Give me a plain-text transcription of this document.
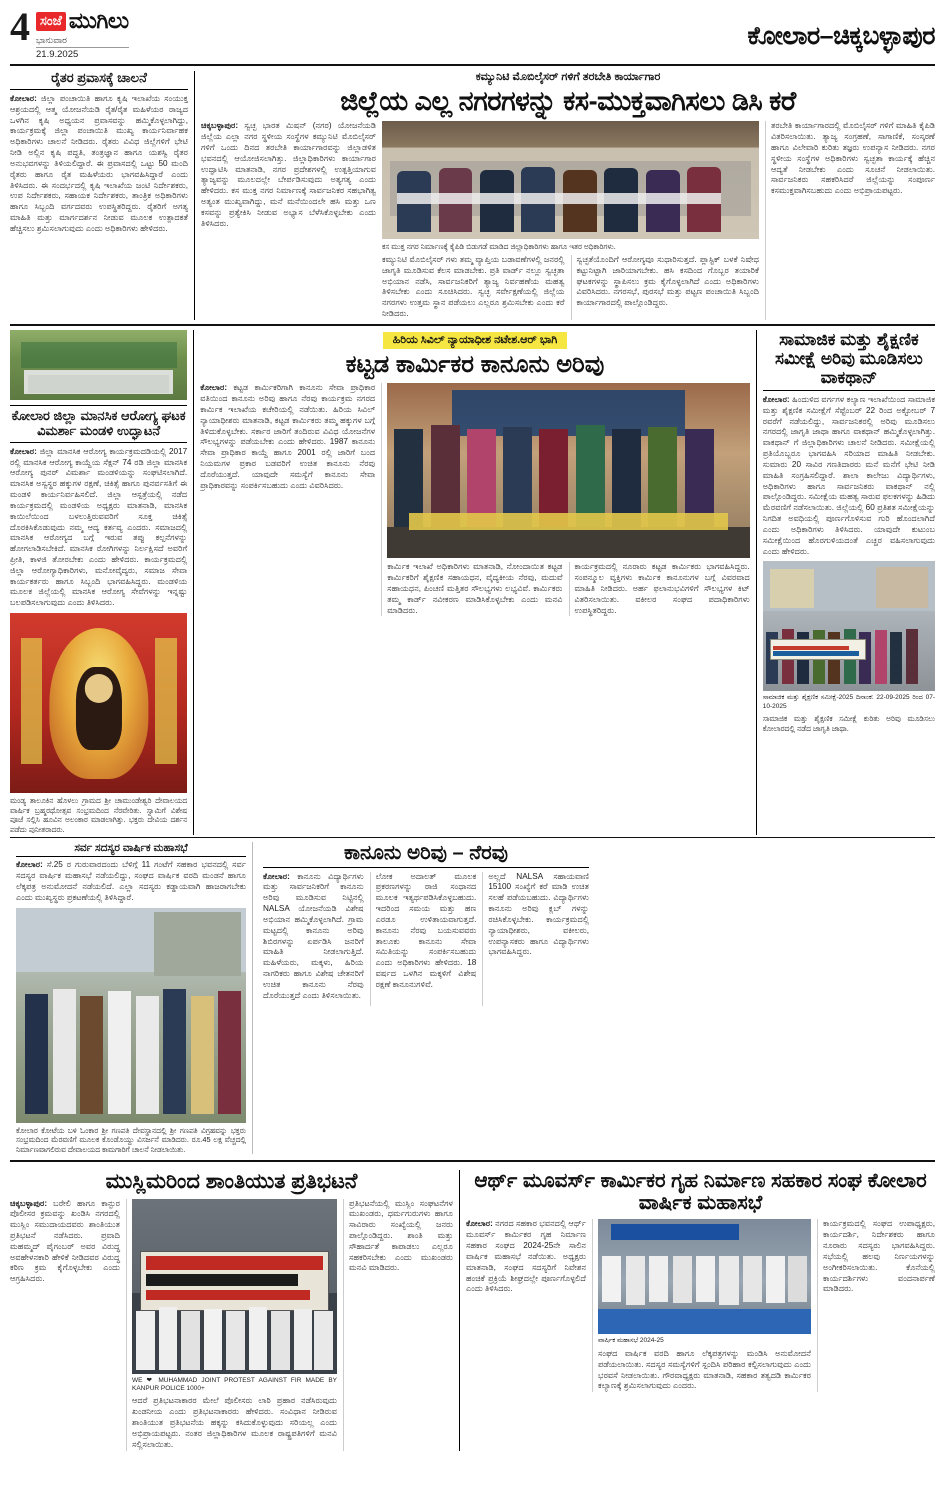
4 ಸಂಜೆ ಮುಗಿಲು
ಭಾನುವಾರ
21.9.2025
ಕೋಲಾರ–ಚಿಕ್ಕಬಳ್ಳಾಪುರ
ರೈತರ ಪ್ರವಾಸಕ್ಕೆ ಚಾಲನೆ

ಕೋಲಾರ: ಜಿಲ್ಲಾ ಪಂಚಾಯಿತಿ ಹಾಗೂ ಕೃಷಿ ಇಲಾಖೆಯ ಸಂಯುಕ್ತ ಆಶ್ರಯದಲ್ಲಿ ಆತ್ಮ ಯೋಜನೆಯಡಿ ರೈತ/ರೈತ ಮಹಿಳೆಯರ ರಾಜ್ಯದ ಒಳಗಿನ ಕೃಷಿ ಅಧ್ಯಯನ ಪ್ರವಾಸವನ್ನು ಹಮ್ಮಿಕೊಳ್ಳಲಾಗಿದ್ದು, ಕಾರ್ಯಕ್ರಮಕ್ಕೆ ಜಿಲ್ಲಾ ಪಂಚಾಯಿತಿ ಮುಖ್ಯ ಕಾರ್ಯನಿರ್ವಾಹಕ ಅಧಿಕಾರಿಗಳು ಚಾಲನೆ ನೀಡಿದರು. ರೈತರು ವಿವಿಧ ಜಿಲ್ಲೆಗಳಿಗೆ ಭೇಟಿ ನೀಡಿ ಅಲ್ಲಿನ ಕೃಷಿ ಪದ್ಧತಿ, ತಂತ್ರಜ್ಞಾನ ಹಾಗೂ ಯಶಸ್ವಿ ರೈತರ ಅನುಭವಗಳನ್ನು ತಿಳಿಯಲಿದ್ದಾರೆ. ಈ ಪ್ರವಾಸದಲ್ಲಿ ಒಟ್ಟು 50 ಮಂದಿ ರೈತರು ಹಾಗೂ ರೈತ ಮಹಿಳೆಯರು ಭಾಗವಹಿಸಿದ್ದಾರೆ ಎಂದು ತಿಳಿಸಿದರು. ಈ ಸಂದರ್ಭದಲ್ಲಿ ಕೃಷಿ ಇಲಾಖೆಯ ಜಂಟಿ ನಿರ್ದೇಶಕರು, ಉಪ ನಿರ್ದೇಶಕರು, ಸಹಾಯಕ ನಿರ್ದೇಶಕರು, ತಾಂತ್ರಿಕ ಅಧಿಕಾರಿಗಳು ಹಾಗೂ ಸಿಬ್ಬಂದಿ ವರ್ಗದವರು ಉಪಸ್ಥಿತರಿದ್ದರು. ರೈತರಿಗೆ ಅಗತ್ಯ ಮಾಹಿತಿ ಮತ್ತು ಮಾರ್ಗದರ್ಶನ ನೀಡುವ ಮೂಲಕ ಉತ್ಪಾದಕತೆ ಹೆಚ್ಚಿಸಲು ಶ್ರಮಿಸಲಾಗುವುದು ಎಂದು ಅಧಿಕಾರಿಗಳು ಹೇಳಿದರು.

ಕಮ್ಯುನಿಟಿ ಮೊಬಿಲೈಸರ್ ಗಳಿಗೆ ತರಬೇತಿ ಕಾರ್ಯಾಗಾರ
ಜಿಲ್ಲೆಯ ಎಲ್ಲ ನಗರಗಳನ್ನು ಕಸ-ಮುಕ್ತವಾಗಿಸಲು ಡಿಸಿ ಕರೆ

ಚಿಕ್ಕಬಳ್ಳಾಪುರ: ಸ್ವಚ್ಛ ಭಾರತ ಮಿಷನ್ (ನಗರ) ಯೋಜನೆಯಡಿ ಜಿಲ್ಲೆಯ ಎಲ್ಲಾ ನಗರ ಸ್ಥಳೀಯ ಸಂಸ್ಥೆಗಳ ಕಮ್ಯುನಿಟಿ ಮೊಬಿಲೈಸರ್ ಗಳಿಗೆ ಒಂದು ದಿನದ ತರಬೇತಿ ಕಾರ್ಯಾಗಾರವನ್ನು ಜಿಲ್ಲಾಡಳಿತ ಭವನದಲ್ಲಿ ಆಯೋಜಿಸಲಾಗಿತ್ತು. ಜಿಲ್ಲಾಧಿಕಾರಿಗಳು ಕಾರ್ಯಾಗಾರ ಉದ್ಘಾಟಿಸಿ ಮಾತನಾಡಿ, ನಗರ ಪ್ರದೇಶಗಳಲ್ಲಿ ಉತ್ಪತ್ತಿಯಾಗುವ ತ್ಯಾಜ್ಯವನ್ನು ಮೂಲದಲ್ಲೇ ಬೇರ್ಪಡಿಸುವುದು ಅತ್ಯಗತ್ಯ ಎಂದು ಹೇಳಿದರು. ಕಸ ಮುಕ್ತ ನಗರ ನಿರ್ಮಾಣಕ್ಕೆ ಸಾರ್ವಜನಿಕರ ಸಹಭಾಗಿತ್ವ ಅತ್ಯಂತ ಮುಖ್ಯವಾಗಿದ್ದು, ಮನೆ ಮನೆಯಿಂದಲೇ ಹಸಿ ಮತ್ತು ಒಣ ಕಸವನ್ನು ಪ್ರತ್ಯೇಕಿಸಿ ನೀಡುವ ಅಭ್ಯಾಸ ಬೆಳೆಸಿಕೊಳ್ಳಬೇಕು ಎಂದು ತಿಳಿಸಿದರು.

ಕಸ ಮುಕ್ತ ನಗರ ನಿರ್ಮಾಣಕ್ಕೆ ಕೈಪಿಡಿ ಬಿಡುಗಡೆ ಮಾಡಿದ ಜಿಲ್ಲಾಧಿಕಾರಿಗಳು ಹಾಗೂ ಇತರ ಅಧಿಕಾರಿಗಳು.
ಕಮ್ಯುನಿಟಿ ಮೊಬಿಲೈಸರ್ ಗಳು ತಮ್ಮ ವ್ಯಾಪ್ತಿಯ ಬಡಾವಣೆಗಳಲ್ಲಿ ಜನರಲ್ಲಿ ಜಾಗೃತಿ ಮೂಡಿಸುವ ಕೆಲಸ ಮಾಡಬೇಕು. ಪ್ರತಿ ವಾರ್ಡ್ ನಲ್ಲೂ ಸ್ವಚ್ಛತಾ ಅಭಿಯಾನ ನಡೆಸಿ, ಸಾರ್ವಜನಿಕರಿಗೆ ತ್ಯಾಜ್ಯ ನಿರ್ವಹಣೆಯ ಮಹತ್ವ ತಿಳಿಸಬೇಕು ಎಂದು ಸೂಚಿಸಿದರು. ಸ್ವಚ್ಛ ಸರ್ವೇಕ್ಷಣೆಯಲ್ಲಿ ಜಿಲ್ಲೆಯ ನಗರಗಳು ಉತ್ತಮ ಸ್ಥಾನ ಪಡೆಯಲು ಎಲ್ಲರೂ ಶ್ರಮಿಸಬೇಕು ಎಂದು ಕರೆ ನೀಡಿದರು.
ಸ್ವಚ್ಛತೆಯೊಂದಿಗೆ ಆರೋಗ್ಯವೂ ಸುಧಾರಿಸುತ್ತದೆ. ಪ್ಲಾಸ್ಟಿಕ್ ಬಳಕೆ ನಿಷೇಧ ಕಟ್ಟುನಿಟ್ಟಾಗಿ ಜಾರಿಯಾಗಬೇಕು. ಹಸಿ ಕಸದಿಂದ ಗೊಬ್ಬರ ತಯಾರಿಕೆ ಘಟಕಗಳನ್ನು ಸ್ಥಾಪಿಸಲು ಕ್ರಮ ಕೈಗೊಳ್ಳಲಾಗಿದೆ ಎಂದು ಅಧಿಕಾರಿಗಳು ವಿವರಿಸಿದರು. ನಗರಸಭೆ, ಪುರಸಭೆ ಮತ್ತು ಪಟ್ಟಣ ಪಂಚಾಯಿತಿ ಸಿಬ್ಬಂದಿ ಕಾರ್ಯಾಗಾರದಲ್ಲಿ ಪಾಲ್ಗೊಂಡಿದ್ದರು.
ತರಬೇತಿ ಕಾರ್ಯಾಗಾರದಲ್ಲಿ ಮೊಬಿಲೈಸರ್ ಗಳಿಗೆ ಮಾಹಿತಿ ಕೈಪಿಡಿ ವಿತರಿಸಲಾಯಿತು. ತ್ಯಾಜ್ಯ ಸಂಗ್ರಹಣೆ, ಸಾಗಾಣಿಕೆ, ಸಂಸ್ಕರಣೆ ಹಾಗೂ ವಿಲೇವಾರಿ ಕುರಿತು ತಜ್ಞರು ಉಪನ್ಯಾಸ ನೀಡಿದರು. ನಗರ ಸ್ಥಳೀಯ ಸಂಸ್ಥೆಗಳ ಅಧಿಕಾರಿಗಳು ಸ್ವಚ್ಛತಾ ಕಾರ್ಯಕ್ಕೆ ಹೆಚ್ಚಿನ ಆದ್ಯತೆ ನೀಡಬೇಕು ಎಂದು ಸೂಚನೆ ನೀಡಲಾಯಿತು. ಸಾರ್ವಜನಿಕರು ಸಹಕರಿಸಿದರೆ ಜಿಲ್ಲೆಯನ್ನು ಸಂಪೂರ್ಣ ಕಸಮುಕ್ತವಾಗಿಸಬಹುದು ಎಂದು ಅಭಿಪ್ರಾಯಪಟ್ಟರು.
ಕೋಲಾರ ಜಿಲ್ಲಾ ಮಾನಸಿಕ ಆರೋಗ್ಯ ಘಟಕ ವಿಮರ್ಶಾ ಮಂಡಳಿ ಉದ್ಘಾಟನೆ

ಕೋಲಾರ: ಜಿಲ್ಲಾ ಮಾನಸಿಕ ಆರೋಗ್ಯ ಕಾರ್ಯಕ್ರಮದಡಿಯಲ್ಲಿ 2017 ರಲ್ಲಿ ಮಾನಸಿಕ ಆರೋಗ್ಯ ಕಾಯ್ದೆಯ ಸೆಕ್ಷನ್ 74 ರಡಿ ಜಿಲ್ಲಾ ಮಾನಸಿಕ ಆರೋಗ್ಯ ಪುನರ್ ವಿಮರ್ಶಾ ಮಂಡಳಿಯನ್ನು ಸಂಘಟಿಸಲಾಗಿದೆ. ಮಾನಸಿಕ ಅಸ್ವಸ್ಥರ ಹಕ್ಕುಗಳ ರಕ್ಷಣೆ, ಚಿಕಿತ್ಸೆ ಹಾಗೂ ಪುನರ್ವಸತಿಗೆ ಈ ಮಂಡಳಿ ಕಾರ್ಯನಿರ್ವಹಿಸಲಿದೆ. ಜಿಲ್ಲಾ ಆಸ್ಪತ್ರೆಯಲ್ಲಿ ನಡೆದ ಕಾರ್ಯಕ್ರಮದಲ್ಲಿ ಮಂಡಳಿಯ ಅಧ್ಯಕ್ಷರು ಮಾತನಾಡಿ, ಮಾನಸಿಕ ಕಾಯಿಲೆಯಿಂದ ಬಳಲುತ್ತಿರುವವರಿಗೆ ಸೂಕ್ತ ಚಿಕಿತ್ಸೆ ದೊರಕಿಸಿಕೊಡುವುದು ನಮ್ಮ ಆದ್ಯ ಕರ್ತವ್ಯ ಎಂದರು. ಸಮಾಜದಲ್ಲಿ ಮಾನಸಿಕ ಆರೋಗ್ಯದ ಬಗ್ಗೆ ಇರುವ ತಪ್ಪು ಕಲ್ಪನೆಗಳನ್ನು ಹೋಗಲಾಡಿಸಬೇಕಿದೆ. ಮಾನಸಿಕ ರೋಗಿಗಳನ್ನು ನಿರ್ಲಕ್ಷಿಸದೆ ಅವರಿಗೆ ಪ್ರೀತಿ, ಕಾಳಜಿ ತೋರಬೇಕು ಎಂದು ಹೇಳಿದರು. ಕಾರ್ಯಕ್ರಮದಲ್ಲಿ ಜಿಲ್ಲಾ ಆರೋಗ್ಯಾಧಿಕಾರಿಗಳು, ಮನೋವೈದ್ಯರು, ಸಮಾಜ ಸೇವಾ ಕಾರ್ಯಕರ್ತರು ಹಾಗೂ ಸಿಬ್ಬಂದಿ ಭಾಗವಹಿಸಿದ್ದರು. ಮಂಡಳಿಯ ಮೂಲಕ ಜಿಲ್ಲೆಯಲ್ಲಿ ಮಾನಸಿಕ ಆರೋಗ್ಯ ಸೇವೆಗಳನ್ನು ಇನ್ನಷ್ಟು ಬಲಪಡಿಸಲಾಗುವುದು ಎಂದು ತಿಳಿಸಿದರು.

ಮಂಡ್ಯ ತಾಲೂಕಿನ ಹೊಳಲು ಗ್ರಾಮದ ಶ್ರೀ ಚಾಮುಂಡೇಶ್ವರಿ ದೇವಾಲಯದ ವಾರ್ಷಿಕ ಬ್ರಹ್ಮರಥೋತ್ಸವ ಸಂಭ್ರಮದಿಂದ ನೆರವೇರಿತು. ಸ್ವಾಮಿಗೆ ವಿಶೇಷ ಪೂಜೆ ಸಲ್ಲಿಸಿ ಹೂವಿನ ಅಲಂಕಾರ ಮಾಡಲಾಗಿತ್ತು. ಭಕ್ತರು ದೇವಿಯ ದರ್ಶನ ಪಡೆದು ಪುನೀತರಾದರು.
ಹಿರಿಯ ಸಿವಿಲ್ ನ್ಯಾಯಾಧೀಶ ನಟೇಶ.ಆರ್ ಭಾಗಿ
ಕಟ್ಟಡ ಕಾರ್ಮಿಕರ ಕಾನೂನು ಅರಿವು

ಕೋಲಾರ: ಕಟ್ಟಡ ಕಾರ್ಮಿಕರಿಗಾಗಿ ಕಾನೂನು ಸೇವಾ ಪ್ರಾಧಿಕಾರ ವತಿಯಿಂದ ಕಾನೂನು ಅರಿವು ಹಾಗೂ ನೆರವು ಕಾರ್ಯಕ್ರಮ ನಗರದ ಕಾರ್ಮಿಕ ಇಲಾಖೆಯ ಕಚೇರಿಯಲ್ಲಿ ನಡೆಯಿತು. ಹಿರಿಯ ಸಿವಿಲ್ ನ್ಯಾಯಾಧೀಶರು ಮಾತನಾಡಿ, ಕಟ್ಟಡ ಕಾರ್ಮಿಕರು ತಮ್ಮ ಹಕ್ಕುಗಳ ಬಗ್ಗೆ ತಿಳಿದುಕೊಳ್ಳಬೇಕು. ಸರ್ಕಾರ ಜಾರಿಗೆ ತಂದಿರುವ ವಿವಿಧ ಯೋಜನೆಗಳ ಸೌಲಭ್ಯಗಳನ್ನು ಪಡೆಯಬೇಕು ಎಂದು ಹೇಳಿದರು. 1987 ಕಾನೂನು ಸೇವಾ ಪ್ರಾಧಿಕಾರ ಕಾಯ್ದೆ ಹಾಗೂ 2001 ರಲ್ಲಿ ಜಾರಿಗೆ ಬಂದ ನಿಯಮಗಳ ಪ್ರಕಾರ ಬಡವರಿಗೆ ಉಚಿತ ಕಾನೂನು ನೆರವು ದೊರೆಯುತ್ತದೆ. ಯಾವುದೇ ಸಮಸ್ಯೆಗೆ ಕಾನೂನು ಸೇವಾ ಪ್ರಾಧಿಕಾರವನ್ನು ಸಂಪರ್ಕಿಸಬಹುದು ಎಂದು ವಿವರಿಸಿದರು.

ಕಾರ್ಮಿಕ ಇಲಾಖೆ ಅಧಿಕಾರಿಗಳು ಮಾತನಾಡಿ, ನೋಂದಾಯಿತ ಕಟ್ಟಡ ಕಾರ್ಮಿಕರಿಗೆ ಶೈಕ್ಷಣಿಕ ಸಹಾಯಧನ, ವೈದ್ಯಕೀಯ ನೆರವು, ಮದುವೆ ಸಹಾಯಧನ, ಪಿಂಚಣಿ ಮತ್ತಿತರ ಸೌಲಭ್ಯಗಳು ಲಭ್ಯವಿವೆ. ಕಾರ್ಮಿಕರು ತಮ್ಮ ಕಾರ್ಡ್ ನವೀಕರಣ ಮಾಡಿಸಿಕೊಳ್ಳಬೇಕು ಎಂದು ಮನವಿ ಮಾಡಿದರು.
ಕಾರ್ಯಕ್ರಮದಲ್ಲಿ ನೂರಾರು ಕಟ್ಟಡ ಕಾರ್ಮಿಕರು ಭಾಗವಹಿಸಿದ್ದರು. ಸಂಪನ್ಮೂಲ ವ್ಯಕ್ತಿಗಳು ಕಾರ್ಮಿಕ ಕಾನೂನುಗಳ ಬಗ್ಗೆ ವಿವರವಾದ ಮಾಹಿತಿ ನೀಡಿದರು. ಅರ್ಹ ಫಲಾನುಭವಿಗಳಿಗೆ ಸೌಲಭ್ಯಗಳ ಕಿಟ್ ವಿತರಿಸಲಾಯಿತು. ವಕೀಲರ ಸಂಘದ ಪದಾಧಿಕಾರಿಗಳು ಉಪಸ್ಥಿತರಿದ್ದರು.
ಸಾಮಾಜಿಕ ಮತ್ತು ಶೈಕ್ಷಣಿಕ ಸಮೀಕ್ಷೆ ಅರಿವು ಮೂಡಿಸಲು ವಾಕಥಾನ್

ಕೋಲಾರ: ಹಿಂದುಳಿದ ವರ್ಗಗಳ ಕಲ್ಯಾಣ ಇಲಾಖೆಯಿಂದ ಸಾಮಾಜಿಕ ಮತ್ತು ಶೈಕ್ಷಣಿಕ ಸಮೀಕ್ಷೆಗೆ ಸೆಪ್ಟೆಂಬರ್ 22 ರಿಂದ ಅಕ್ಟೋಬರ್ 7 ರವರೆಗೆ ನಡೆಯಲಿದ್ದು, ಸಾರ್ವಜನಿಕರಲ್ಲಿ ಅರಿವು ಮೂಡಿಸಲು ನಗರದಲ್ಲಿ ಜಾಗೃತಿ ಜಾಥಾ ಹಾಗೂ ವಾಕಥಾನ್ ಹಮ್ಮಿಕೊಳ್ಳಲಾಗಿತ್ತು. ವಾಕಥಾನ್ ಗೆ ಜಿಲ್ಲಾಧಿಕಾರಿಗಳು ಚಾಲನೆ ನೀಡಿದರು. ಸಮೀಕ್ಷೆಯಲ್ಲಿ ಪ್ರತಿಯೊಬ್ಬರೂ ಭಾಗವಹಿಸಿ ಸರಿಯಾದ ಮಾಹಿತಿ ನೀಡಬೇಕು. ಸುಮಾರು 20 ಸಾವಿರ ಗಣತಿದಾರರು ಮನೆ ಮನೆಗೆ ಭೇಟಿ ನೀಡಿ ಮಾಹಿತಿ ಸಂಗ್ರಹಿಸಲಿದ್ದಾರೆ. ಶಾಲಾ ಕಾಲೇಜು ವಿದ್ಯಾರ್ಥಿಗಳು, ಅಧಿಕಾರಿಗಳು ಹಾಗೂ ಸಾರ್ವಜನಿಕರು ವಾಕಥಾನ್ ನಲ್ಲಿ ಪಾಲ್ಗೊಂಡಿದ್ದರು. ಸಮೀಕ್ಷೆಯ ಮಹತ್ವ ಸಾರುವ ಫಲಕಗಳನ್ನು ಹಿಡಿದು ಮೆರವಣಿಗೆ ನಡೆಸಲಾಯಿತು. ಜಿಲ್ಲೆಯಲ್ಲಿ 60 ಪ್ರತಿಶತ ಸಮೀಕ್ಷೆಯನ್ನು ನಿಗದಿತ ಅವಧಿಯಲ್ಲಿ ಪೂರ್ಣಗೊಳಿಸುವ ಗುರಿ ಹೊಂದಲಾಗಿದೆ ಎಂದು ಅಧಿಕಾರಿಗಳು ತಿಳಿಸಿದರು. ಯಾವುದೇ ಕುಟುಂಬ ಸಮೀಕ್ಷೆಯಿಂದ ಹೊರಗುಳಿಯದಂತೆ ಎಚ್ಚರ ವಹಿಸಲಾಗುವುದು ಎಂದು ಹೇಳಿದರು.

ಸಾಮಾಜಿಕ ಮತ್ತು ಶೈಕ್ಷಣಿಕ ಸಮೀಕ್ಷೆ-2025 ದಿನಾಂಕ: 22-09-2025 ರಿಂದ 07-10-2025
ಸಾಮಾಜಿಕ ಮತ್ತು ಶೈಕ್ಷಣಿಕ ಸಮೀಕ್ಷೆ ಕುರಿತು ಅರಿವು ಮೂಡಿಸಲು ಕೋಲಾರದಲ್ಲಿ ನಡೆದ ಜಾಗೃತಿ ಜಾಥಾ.
ಸರ್ವ ಸದಸ್ಯರ ವಾರ್ಷಿಕ ಮಹಾಸಭೆ

ಕೋಲಾರ: ಸೆ.25 ರ ಗುರುವಾರದಂದು ಬೆಳಿಗ್ಗೆ 11 ಗಂಟೆಗೆ ಸಹಕಾರ ಭವನದಲ್ಲಿ ಸರ್ವ ಸದಸ್ಯರ ವಾರ್ಷಿಕ ಮಹಾಸಭೆ ನಡೆಯಲಿದ್ದು, ಸಂಘದ ವಾರ್ಷಿಕ ವರದಿ ಮಂಡನೆ ಹಾಗೂ ಲೆಕ್ಕಪತ್ರ ಅನುಮೋದನೆ ನಡೆಯಲಿದೆ. ಎಲ್ಲಾ ಸದಸ್ಯರು ಕಡ್ಡಾಯವಾಗಿ ಹಾಜರಾಗಬೇಕು ಎಂದು ಮುಖ್ಯಸ್ಥರು ಪ್ರಕಟಣೆಯಲ್ಲಿ ತಿಳಿಸಿದ್ದಾರೆ.

ಕೋಲಾರ ಕೋಟೆಯ ಬಳಿ ಓಂಕಾರ ಶ್ರೀ ಗಣಪತಿ ದೇವಸ್ಥಾನದಲ್ಲಿ ಶ್ರೀ ಗಣಪತಿ ವಿಗ್ರಹವನ್ನು ಭಕ್ತರು ಸಂಭ್ರಮದಿಂದ ಮೆರವಣಿಗೆ ಮೂಲಕ ಕೊಂಡೊಯ್ದು ವಿಸರ್ಜನೆ ಮಾಡಿದರು. ರೂ.45 ಲಕ್ಷ ವೆಚ್ಚದಲ್ಲಿ ನಿರ್ಮಾಣವಾಗಲಿರುವ ದೇವಾಲಯದ ಕಾಮಗಾರಿಗೆ ಚಾಲನೆ ನೀಡಲಾಯಿತು.
ಕಾನೂನು ಅರಿವು – ನೆರವು

ಕೋಲಾರ: ಕಾನೂನು ವಿದ್ಯಾರ್ಥಿಗಳು ಮತ್ತು ಸಾರ್ವಜನಿಕರಿಗೆ ಕಾನೂನು ಅರಿವು ಮೂಡಿಸುವ ನಿಟ್ಟಿನಲ್ಲಿ NALSA ಯೋಜನೆಯಡಿ ವಿಶೇಷ ಅಭಿಯಾನ ಹಮ್ಮಿಕೊಳ್ಳಲಾಗಿದೆ. ಗ್ರಾಮ ಮಟ್ಟದಲ್ಲಿ ಕಾನೂನು ಅರಿವು ಶಿಬಿರಗಳನ್ನು ಏರ್ಪಡಿಸಿ ಜನರಿಗೆ ಮಾಹಿತಿ ನೀಡಲಾಗುತ್ತಿದೆ. ಮಹಿಳೆಯರು, ಮಕ್ಕಳು, ಹಿರಿಯ ನಾಗರಿಕರು ಹಾಗೂ ವಿಶೇಷ ಚೇತನರಿಗೆ ಉಚಿತ ಕಾನೂನು ನೆರವು ದೊರೆಯುತ್ತದೆ ಎಂದು ತಿಳಿಸಲಾಯಿತು.

ಲೋಕ ಅದಾಲತ್ ಮೂಲಕ ಪ್ರಕರಣಗಳನ್ನು ರಾಜಿ ಸಂಧಾನದ ಮೂಲಕ ಇತ್ಯರ್ಥಪಡಿಸಿಕೊಳ್ಳಬಹುದು. ಇದರಿಂದ ಸಮಯ ಮತ್ತು ಹಣ ಎರಡೂ ಉಳಿತಾಯವಾಗುತ್ತದೆ. ಕಾನೂನು ನೆರವು ಬಯಸುವವರು ತಾಲೂಕು ಕಾನೂನು ಸೇವಾ ಸಮಿತಿಯನ್ನು ಸಂಪರ್ಕಿಸಬಹುದು ಎಂದು ಅಧಿಕಾರಿಗಳು ಹೇಳಿದರು. 18 ವರ್ಷದ ಒಳಗಿನ ಮಕ್ಕಳಿಗೆ ವಿಶೇಷ ರಕ್ಷಣೆ ಕಾನೂನುಗಳಿವೆ.
ಅಲ್ಲದೆ NALSA ಸಹಾಯವಾಣಿ 15100 ಸಂಖ್ಯೆಗೆ ಕರೆ ಮಾಡಿ ಉಚಿತ ಸಲಹೆ ಪಡೆಯಬಹುದು. ವಿದ್ಯಾರ್ಥಿಗಳು ಕಾನೂನು ಅರಿವು ಕ್ಲಬ್ ಗಳನ್ನು ರಚಿಸಿಕೊಳ್ಳಬೇಕು. ಕಾರ್ಯಕ್ರಮದಲ್ಲಿ ನ್ಯಾಯಾಧೀಶರು, ವಕೀಲರು, ಉಪನ್ಯಾಸಕರು ಹಾಗೂ ವಿದ್ಯಾರ್ಥಿಗಳು ಭಾಗವಹಿಸಿದ್ದರು.
ಮುಸ್ಲಿಮರಿಂದ ಶಾಂತಿಯುತ ಪ್ರತಿಭಟನೆ

ಚಿಕ್ಕಬಳ್ಳಾಪುರ: ಬರೇಲಿ ಹಾಗೂ ಕಾನ್ಪುರ ಪೊಲೀಸರ ಕ್ರಮವನ್ನು ಖಂಡಿಸಿ ನಗರದಲ್ಲಿ ಮುಸ್ಲಿಂ ಸಮುದಾಯದವರು ಶಾಂತಿಯುತ ಪ್ರತಿಭಟನೆ ನಡೆಸಿದರು. ಪ್ರವಾದಿ ಮಹಮ್ಮದ್ ಪೈಗಂಬರ್ ಅವರ ವಿರುದ್ಧ ಅವಹೇಳನಕಾರಿ ಹೇಳಿಕೆ ನೀಡಿದವರ ವಿರುದ್ಧ ಕಠಿಣ ಕ್ರಮ ಕೈಗೊಳ್ಳಬೇಕು ಎಂದು ಆಗ್ರಹಿಸಿದರು.

WE ❤ MUHAMMAD JOINT PROTEST AGAINST FIR MADE BY KANPUR POLICE 1000+
ಆದರೆ ಪ್ರತಿಭಟನಾಕಾರರ ಮೇಲೆ ಪೊಲೀಸರು ಲಾಠಿ ಪ್ರಹಾರ ನಡೆಸಿರುವುದು ಖಂಡನೀಯ ಎಂದು ಪ್ರತಿಭಟನಾಕಾರರು ಹೇಳಿದರು. ಸಂವಿಧಾನ ನೀಡಿರುವ ಶಾಂತಿಯುತ ಪ್ರತಿಭಟನೆಯ ಹಕ್ಕನ್ನು ಕಸಿದುಕೊಳ್ಳುವುದು ಸರಿಯಲ್ಲ ಎಂದು ಅಭಿಪ್ರಾಯಪಟ್ಟರು. ನಂತರ ಜಿಲ್ಲಾಧಿಕಾರಿಗಳ ಮೂಲಕ ರಾಷ್ಟ್ರಪತಿಗಳಿಗೆ ಮನವಿ ಸಲ್ಲಿಸಲಾಯಿತು.
ಪ್ರತಿಭಟನೆಯಲ್ಲಿ ಮುಸ್ಲಿಂ ಸಂಘಟನೆಗಳ ಮುಖಂಡರು, ಧರ್ಮಗುರುಗಳು ಹಾಗೂ ಸಾವಿರಾರು ಸಂಖ್ಯೆಯಲ್ಲಿ ಜನರು ಪಾಲ್ಗೊಂಡಿದ್ದರು. ಶಾಂತಿ ಮತ್ತು ಸೌಹಾರ್ದತೆ ಕಾಪಾಡಲು ಎಲ್ಲರೂ ಸಹಕರಿಸಬೇಕು ಎಂದು ಮುಖಂಡರು ಮನವಿ ಮಾಡಿದರು.
ಆರ್ಥ್ ಮೂವರ್ಸ್ ಕಾರ್ಮಿಕರ ಗೃಹ ನಿರ್ಮಾಣ ಸಹಕಾರ ಸಂಘ ಕೋಲಾರ ವಾರ್ಷಿಕ ಮಹಾಸಭೆ

ಕೋಲಾರ: ನಗರದ ಸಹಕಾರ ಭವನದಲ್ಲಿ ಆರ್ಥ್ ಮೂವರ್ಸ್ ಕಾರ್ಮಿಕರ ಗೃಹ ನಿರ್ಮಾಣ ಸಹಕಾರ ಸಂಘದ 2024-25ನೇ ಸಾಲಿನ ವಾರ್ಷಿಕ ಮಹಾಸಭೆ ನಡೆಯಿತು. ಅಧ್ಯಕ್ಷರು ಮಾತನಾಡಿ, ಸಂಘದ ಸದಸ್ಯರಿಗೆ ನಿವೇಶನ ಹಂಚಿಕೆ ಪ್ರಕ್ರಿಯೆ ಶೀಘ್ರದಲ್ಲೇ ಪೂರ್ಣಗೊಳ್ಳಲಿದೆ ಎಂದು ತಿಳಿಸಿದರು.

ವಾರ್ಷಿಕ ಮಹಾಸಭೆ 2024-25
ಸಂಘದ ವಾರ್ಷಿಕ ವರದಿ ಹಾಗೂ ಲೆಕ್ಕಪತ್ರಗಳನ್ನು ಮಂಡಿಸಿ ಅನುಮೋದನೆ ಪಡೆಯಲಾಯಿತು. ಸದಸ್ಯರ ಸಮಸ್ಯೆಗಳಿಗೆ ಸ್ಪಂದಿಸಿ ಪರಿಹಾರ ಕಲ್ಪಿಸಲಾಗುವುದು ಎಂದು ಭರವಸೆ ನೀಡಲಾಯಿತು. ಗೌರವಾಧ್ಯಕ್ಷರು ಮಾತನಾಡಿ, ಸಹಕಾರ ತತ್ವದಡಿ ಕಾರ್ಮಿಕರ ಕಲ್ಯಾಣಕ್ಕೆ ಶ್ರಮಿಸಲಾಗುವುದು ಎಂದರು.
ಕಾರ್ಯಕ್ರಮದಲ್ಲಿ ಸಂಘದ ಉಪಾಧ್ಯಕ್ಷರು, ಕಾರ್ಯದರ್ಶಿ, ನಿರ್ದೇಶಕರು ಹಾಗೂ ನೂರಾರು ಸದಸ್ಯರು ಭಾಗವಹಿಸಿದ್ದರು. ಸಭೆಯಲ್ಲಿ ಹಲವು ನಿರ್ಣಯಗಳನ್ನು ಅಂಗೀಕರಿಸಲಾಯಿತು. ಕೊನೆಯಲ್ಲಿ ಕಾರ್ಯದರ್ಶಿಗಳು ವಂದನಾರ್ಪಣೆ ಮಾಡಿದರು.
